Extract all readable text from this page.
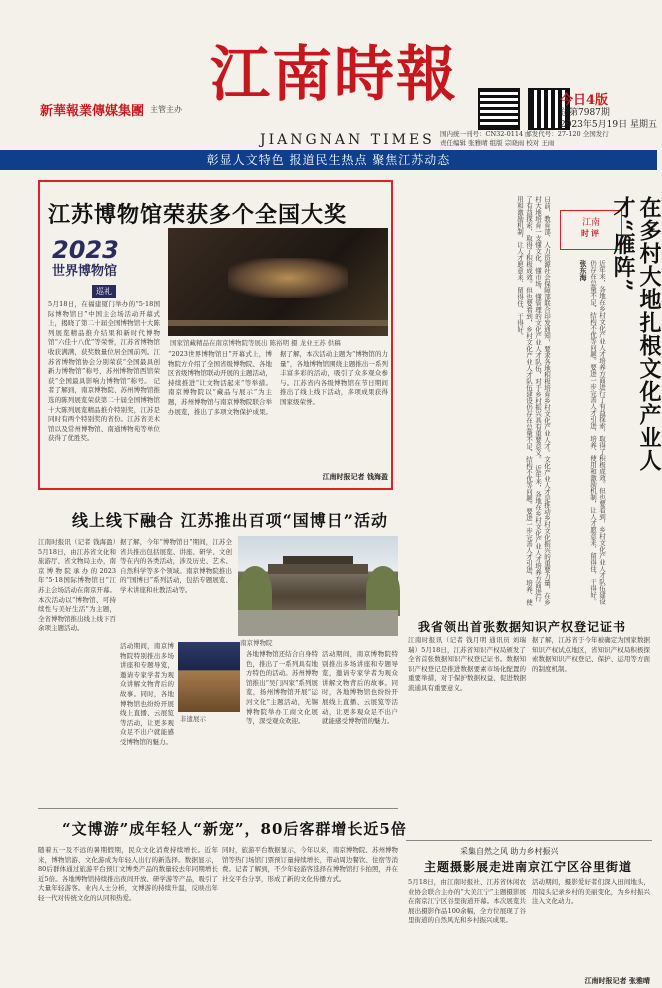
新華報業傳媒集團 主管主办 江南時報
JIANGNAN TIMES
今日4版
总第7987期
2023年5月19日 星期五
国内统一刊号：CN32-0114 邮发代号：27-120 全国发行
责任编辑 张雅晴 组版 宗晓雨 校对 王雨
彰显人文特色 报道民生热点 聚焦江苏动态
江苏博物馆荣获多个全国大奖
2023
世界博物馆
巡礼
国家馆藏精品在南京博物院等展出 陈裕明 摄 龙业王苏 供稿
5月18日，在福建厦门举办的“5·18国际博物馆日”中国主会场活动开幕式上，揭晓了第二十届全国博物馆十大陈列展览精品推介结果和新时代博物馆“六佳十八优”等荣誉，江苏省博物馆收获满满，获奖数量位居全国前列。江苏省博物馆协会分别荣获“全国最具创新力博物馆”称号，苏州博物馆西馆荣获“全国最具影响力博物馆”称号。 记者了解到，南京博物院、苏州博物馆推选的陈列展览荣获第二十届全国博物馆十大陈列展览精品推介特别奖，江苏是同时有两个特别奖的省份。江苏省美术馆以及常州博物馆、南通博物苑等单位获得了优胜奖。
“2023世界博物馆日”开幕式上，博物院方介绍了全国省级博物院、各地区省级博物馆联动开展的主题活动，持续推进“让文物活起来”等举措。南京博物院以“藏品与展示”为主题，苏州博物馆与南京博物院联合举办展览，推出了多项文物保护成果。
据了解，本次活动主题为“博物馆的力量”，各地博物馆围绕主题推出一系列丰富多彩的活动，吸引了众多观众参与。江苏省内各级博物馆在节日期间推出了线上线下活动，多项成果获得国家级荣誉。
江南时报记者 钱海盈
线上线下融合 江苏推出百项“国博日”活动
江南时报讯（记者 钱海盈）5月18日，由江苏省文化和旅游厅、省文物局主办，南京博物院承办的2023年“5·18国际博物馆日”江苏主会场活动在南京开幕。本次活动以“博物馆、可持续性与美好生活”为主题，全省博物馆推出线上线下百余项主题活动。
据了解，今年“博物馆日”期间，江苏全省共推出包括展览、讲座、研学、文创等在内的各类活动，涉及历史、艺术、自然科学等多个领域。南京博物院推出的“国博日”系列活动，包括专题展览、学术讲座和社教活动等。
南京博物院
活动期间，南京博物院特别推出多场讲座和专题导览，邀请专家学者为观众讲解文物背后的故事。同时，各地博物馆也纷纷开展线上直播、云展览等活动，让更多观众足不出户就能感受博物馆的魅力。
非遗展示
各地博物馆还结合自身特色，推出了一系列具有地方特色的活动。苏州博物馆推出“吴门四家”系列展览，扬州博物馆开展“运河文化”主题活动，无锡博物院举办工商文化展等，深受观众欢迎。
活动期间，南京博物院特别推出多场讲座和专题导览，邀请专家学者为观众讲解文物背后的故事。同时，各地博物馆也纷纷开展线上直播、云展览等活动，让更多观众足不出户就能感受博物馆的魅力。
“文博游”成年轻人“新宠”，80后客群增长近5倍
随着五一及不远的暑期假期，民众文化消费持续增长。近年来，博物馆游、文化游成为年轻人出行的新选择。数据显示，80后群体通过旅游平台预订文博类产品的数量较去年同期增长近5倍。各地博物馆持续推出夜间开放、研学游等产品，吸引了大量年轻游客。业内人士分析，文博游的持续升温，反映出年轻一代对传统文化的认同和热爱。
同时，旅游平台数据显示，今年以来，南京博物院、苏州博物馆等热门场馆门票预订量持续增长，带动周边餐饮、住宿等消费。记者了解到，不少年轻游客选择在博物馆打卡拍照，并在社交平台分享，形成了新的文化传播方式。
日前，教育部、人力资源社会保障部联合印发通知，要求各地积极培育乡村文化产业人才。文化产业人才是推动乡村文化振兴的重要力量，在乡村大地培育一支懂文化、懂市场、懂管理的文化产业人才队伍，对于乡村振兴具有重要意义。 近年来，各地在乡村文化产业人才培养方面进行了有益探索，取得了积极成效。但也要看到，乡村文化产业人才队伍建设仍存在总量不足、结构不优等问题。要进一步完善人才引进、培养、使用和激励机制，让人才愿意来、留得住、干得好。	江南
时评	在多村大地扎根文化产业人才“雁阵”
近年来，各地在乡村文化产业人才培养方面进行了有益探索，取得了积极成效。但也要看到，乡村文化产业人才队伍建设仍存在总量不足、结构不优等问题。要进一步完善人才引进、培养、使用和激励机制，让人才愿意来、留得住、干得好。 张东海
我省领出首张数据知识产权登记证书
江南时报讯（记者 钱月明 通讯员 刘瑞瑞）5月18日，江苏省知识产权局颁发了全省首张数据知识产权登记证书。数据知识产权登记是推进数据要素市场化配置的重要举措，对于保护数据权益、促进数据流通具有重要意义。
据了解，江苏省于今年被确定为国家数据知识产权试点地区，省知识产权局积极探索数据知识产权登记、保护、运用等方面的制度机制。
采集自然之风 助力乡村振兴
主题摄影展走进南京江宁区谷里街道
5月18日，由江南时报社、江苏省休闲农业协会联合主办的“大美江宁”主题摄影展在南京江宁区谷里街道开幕。本次展览共展出摄影作品100余幅，全方位展现了谷里街道的自然风光和乡村振兴成果。
活动期间，摄影爱好者们深入田间地头，用镜头记录乡村的美丽变化，为乡村振兴注入文化动力。
江南时报记者 张雅晴
